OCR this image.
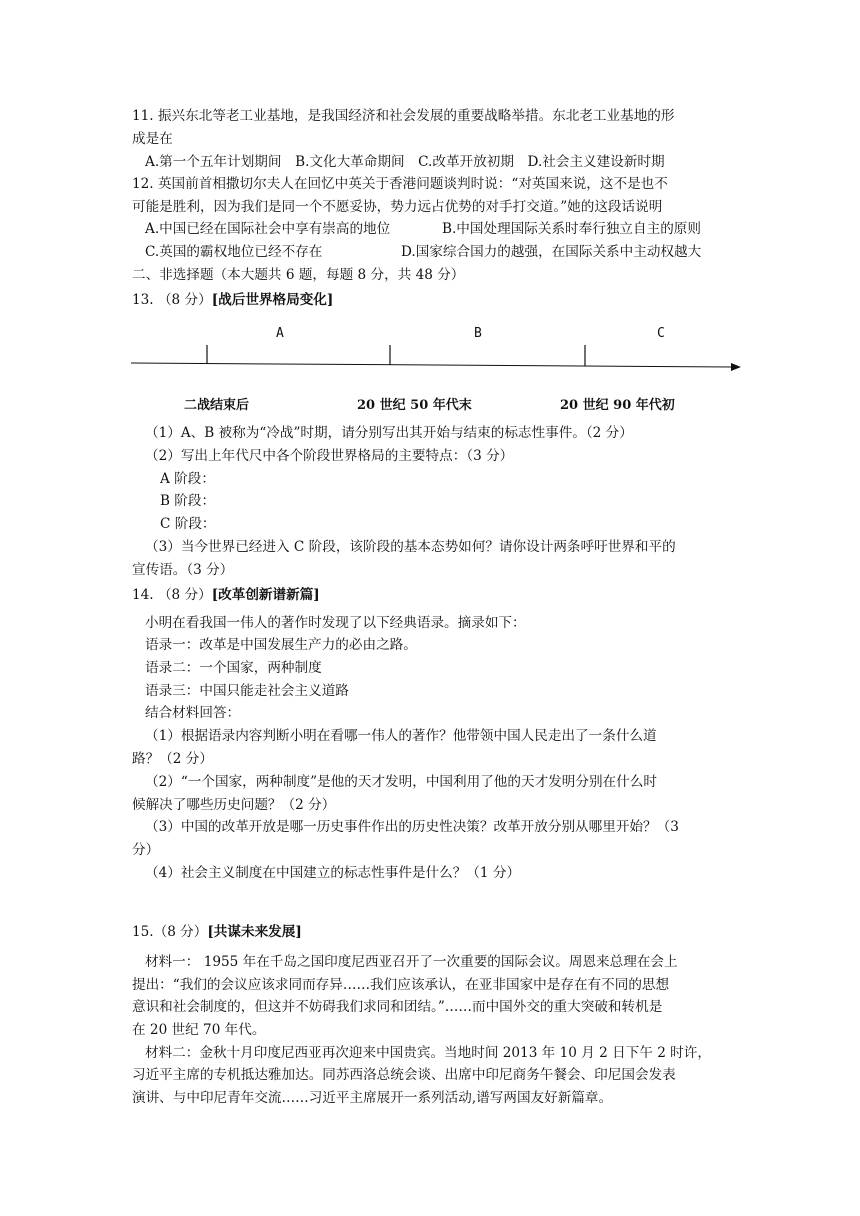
11. 振兴东北等老工业基地，是我国经济和社会发展的重要战略举措。东北老工业基地的形
成是在
A.第一个五年计划期间　B.文化大革命期间　C.改革开放初期　D.社会主义建设新时期
12. 英国前首相撒切尔夫人在回忆中英关于香港问题谈判时说：“对英国来说，这不是也不
可能是胜利，因为我们是同一个不愿妥协，势力远占优势的对手打交道。”她的这段话说明
A.中国已经在国际社会中享有崇高的地位	B.中国处理国际关系时奉行独立自主的原则
C.英国的霸权地位已经不存在	D.国家综合国力的越强，在国际关系中主动权越大
二、非选择题（本大题共 6 题，每题 8 分，共 48 分）
13. （8 分）[战后世界格局变化]
A	B	C
二战结束后	20 世纪 50 年代末	20 世纪 90 年代初
（1）A、B 被称为“冷战”时期，请分别写出其开始与结束的标志性事件。（2 分）
（2）写出上年代尺中各个阶段世界格局的主要特点：（3 分）
A 阶段：
B 阶段：
C 阶段：
（3）当今世界已经进入 C 阶段，该阶段的基本态势如何？请你设计两条呼吁世界和平的
宣传语。（3 分）
14. （8 分）[改革创新谱新篇]
小明在看我国一伟人的著作时发现了以下经典语录。摘录如下：
语录一：改革是中国发展生产力的必由之路。
语录二：一个国家，两种制度
语录三：中国只能走社会主义道路
结合材料回答：
（1）根据语录内容判断小明在看哪一伟人的著作？他带领中国人民走出了一条什么道
路？（2 分）
（2）“一个国家，两种制度”是他的天才发明，中国利用了他的天才发明分别在什么时
候解决了哪些历史问题？（2 分）
（3）中国的改革开放是哪一历史事件作出的历史性决策？改革开放分别从哪里开始？（3
分）
（4）社会主义制度在中国建立的标志性事件是什么？（1 分）
15.（8 分）[共谋未来发展]
材料一： 1955 年在千岛之国印度尼西亚召开了一次重要的国际会议。周恩来总理在会上
提出：“我们的会议应该求同而存异……我们应该承认，在亚非国家中是存在有不同的思想
意识和社会制度的，但这并不妨碍我们求同和团结。”……而中国外交的重大突破和转机是
在 20 世纪 70 年代。
材料二：金秋十月印度尼西亚再次迎来中国贵宾。当地时间 2013 年 10 月 2 日下午 2 时许，
习近平主席的专机抵达雅加达。同苏西洛总统会谈、出席中印尼商务午餐会、印尼国会发表
演讲、与中印尼青年交流……习近平主席展开一系列活动,谱写两国友好新篇章。
